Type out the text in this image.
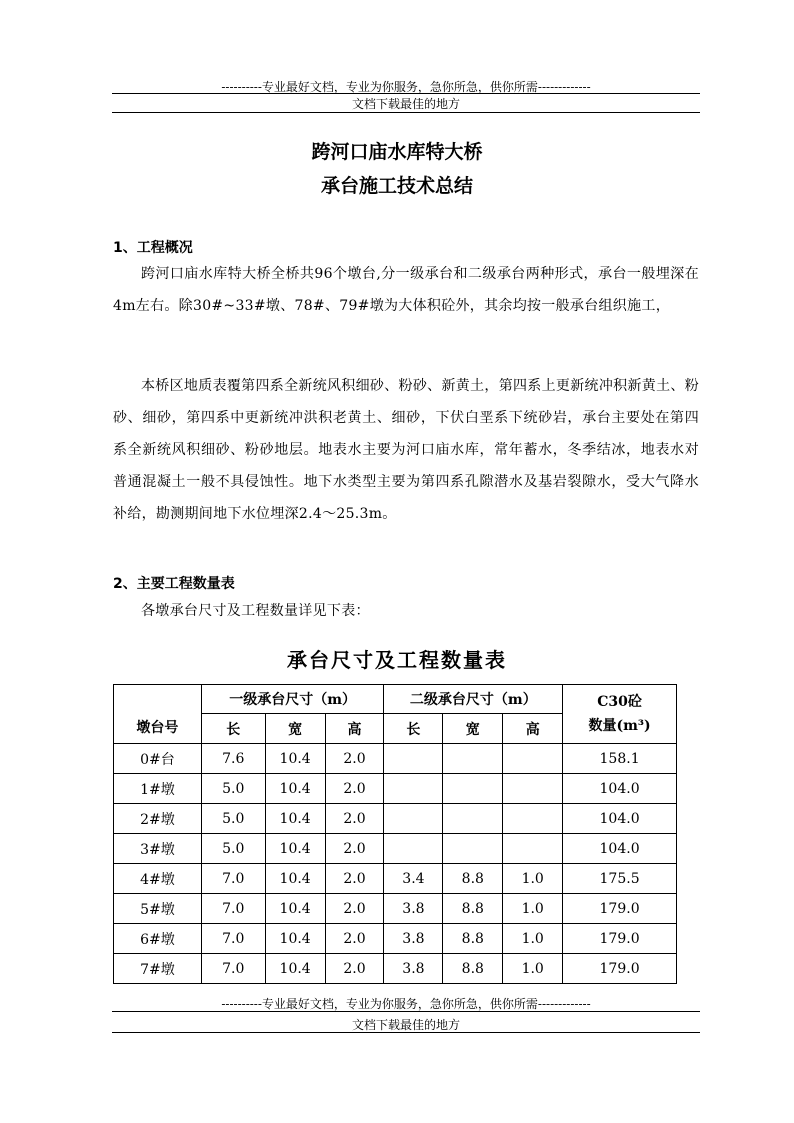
----------专业最好文档，专业为你服务，急你所急，供你所需-------------
文档下载最佳的地方
跨河口庙水库特大桥
承台施工技术总结
1、工程概况

跨河口庙水库特大桥全桥共96个墩台,分一级承台和二级承台两种形式，承台一般埋深在4m左右。除30#~33#墩、78#、79#墩为大体积砼外，其余均按一般承台组织施工，

本桥区地质表覆第四系全新统风积细砂、粉砂、新黄土，第四系上更新统冲积新黄土、粉砂、细砂，第四系中更新统冲洪积老黄土、细砂，下伏白垩系下统砂岩，承台主要处在第四系全新统风积细砂、粉砂地层。地表水主要为河口庙水库，常年蓄水，冬季结冰，地表水对普通混凝土一般不具侵蚀性。地下水类型主要为第四系孔隙潜水及基岩裂隙水，受大气降水补给，勘测期间地下水位埋深2.4～25.3m。

2、主要工程数量表

各墩承台尺寸及工程数量详见下表：

承台尺寸及工程数量表
墩台号	一级承台尺寸（m）			二级承台尺寸（m）			C30砼
数量(m³)

	长	宽	高	长	宽	高	
0#台	7.6	10.4	2.0				158.1
1#墩	5.0	10.4	2.0				104.0
2#墩	5.0	10.4	2.0				104.0
3#墩	5.0	10.4	2.0				104.0
4#墩	7.0	10.4	2.0	3.4	8.8	1.0	175.5
5#墩	7.0	10.4	2.0	3.8	8.8	1.0	179.0
6#墩	7.0	10.4	2.0	3.8	8.8	1.0	179.0
7#墩	7.0	10.4	2.0	3.8	8.8	1.0	179.0
----------专业最好文档，专业为你服务，急你所急，供你所需-------------
文档下载最佳的地方
